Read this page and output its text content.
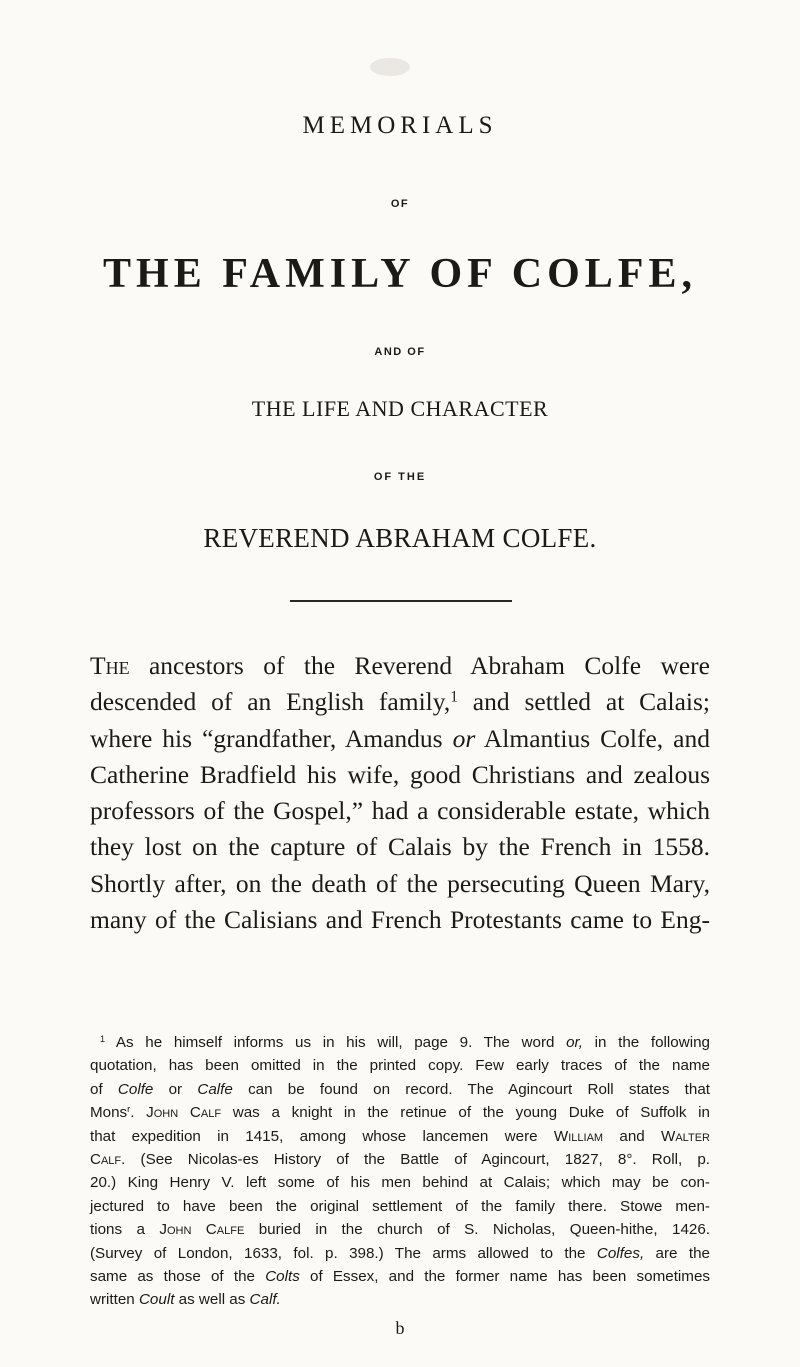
MEMORIALS
OF
THE FAMILY OF COLFE,
AND OF
THE LIFE AND CHARACTER
OF THE
REVEREND ABRAHAM COLFE.
The ancestors of the Reverend Abraham Colfe were
descended of an English family,$^1$ and settled at Calais;
where his “grandfather, Amandus or Almantius Colfe, and
Catherine Bradfield his wife, good Christians and zealous
professors of the Gospel,” had a considerable estate, which
they lost on the capture of Calais by the French in 1558.
Shortly after, on the death of the persecuting Queen Mary,
many of the Calisians and French Protestants came to Eng-
$^1$ As he himself informs us in his will, page 9. The word or, in the following
quotation, has been omitted in the printed copy. Few early traces of the name
of Colfe or Calfe can be found on record. The Agincourt Roll states that
Mons$^r$. John Calf was a knight in the retinue of the young Duke of Suffolk in
that expedition in 1415, among whose lancemen were William and Walter
Calf. (See Nicolas-es History of the Battle of Agincourt, 1827, 8°. Roll, p.
20.) King Henry V. left some of his men behind at Calais; which may be con-
jectured to have been the original settlement of the family there. Stowe men-
tions a John Calfe buried in the church of S. Nicholas, Queen-hithe, 1426.
(Survey of London, 1633, fol. p. 398.) The arms allowed to the Colfes, are the
same as those of the Colts of Essex, and the former name has been sometimes
written Coult as well as Calf.
b
